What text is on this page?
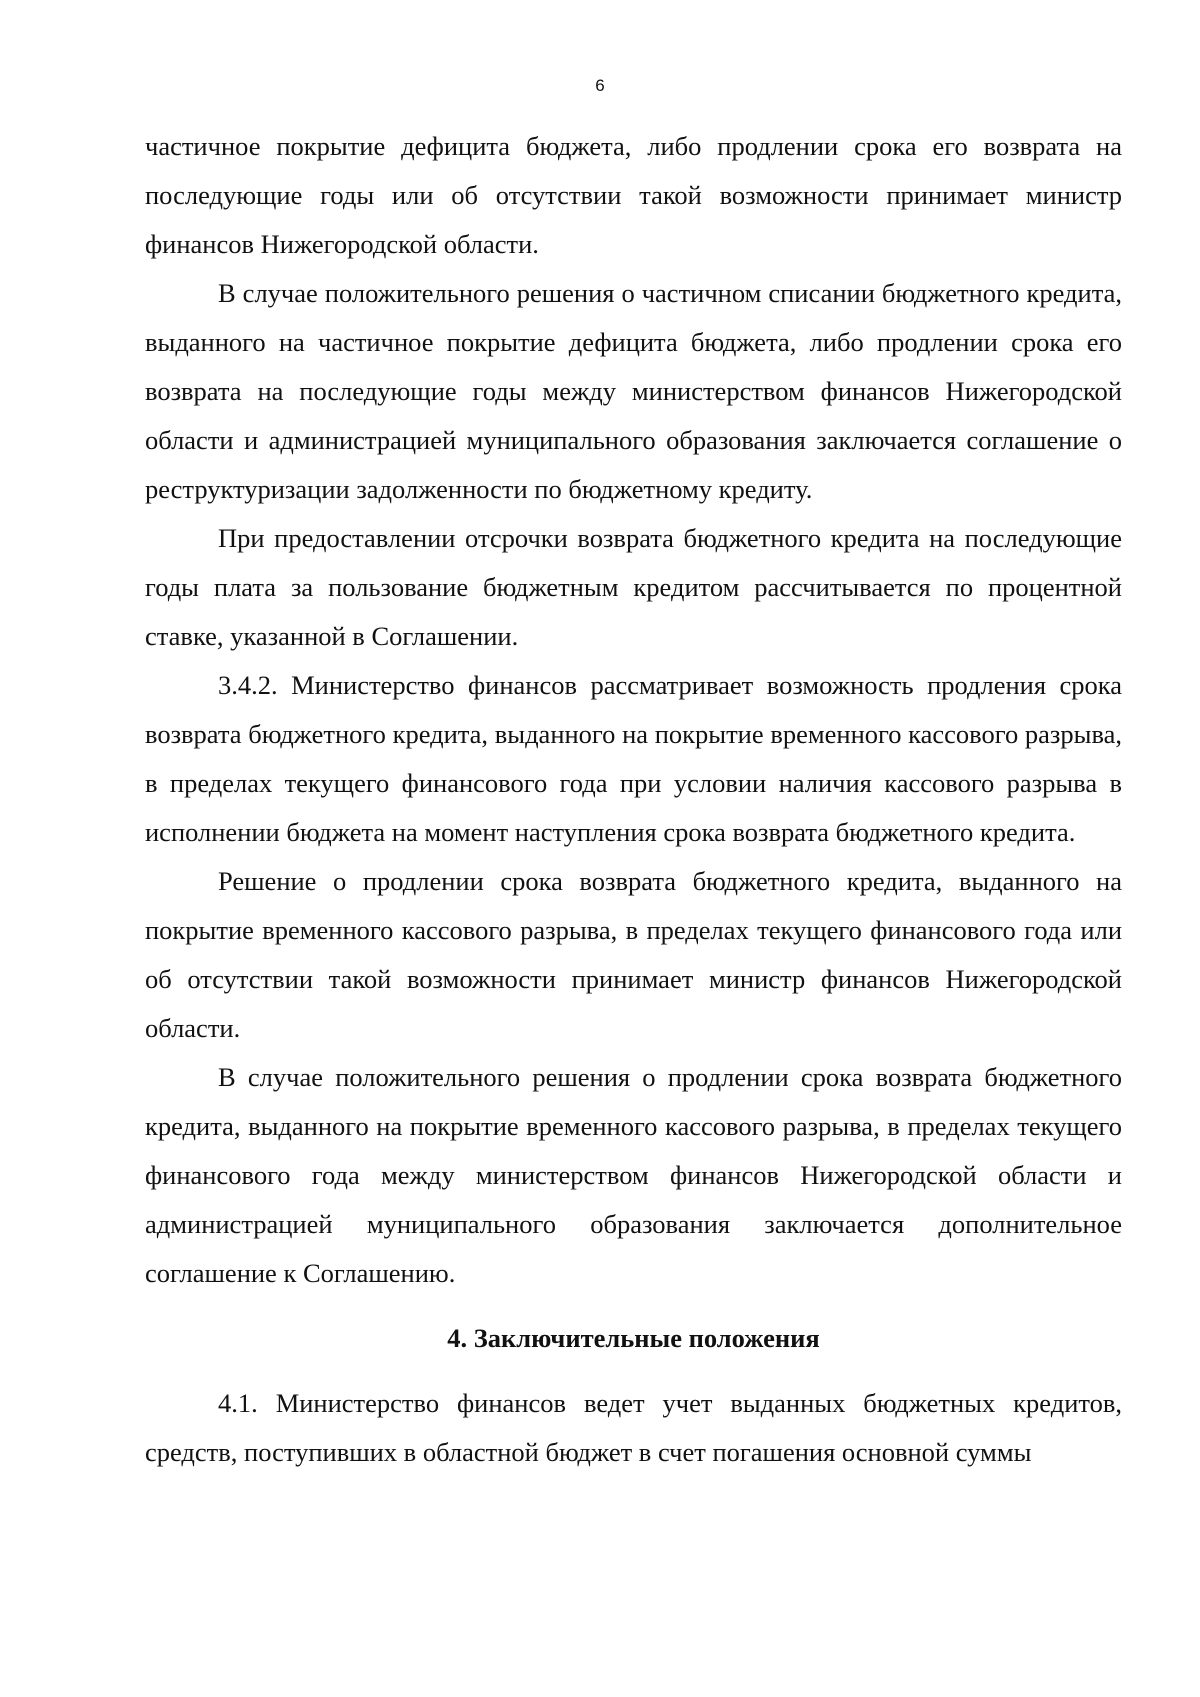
6

частичное покрытие дефицита бюджета, либо продлении срока его возврата на последующие годы или об отсутствии такой возможности принимает министр финансов Нижегородской области.

В случае положительного решения о частичном списании бюджетного кредита, выданного на частичное покрытие дефицита бюджета, либо продлении срока его возврата на последующие годы между министерством финансов Нижегородской области и администрацией муниципального образования заключается соглашение о реструктуризации задолженности по бюджетному кредиту.

При предоставлении отсрочки возврата бюджетного кредита на последующие годы плата за пользование бюджетным кредитом рассчитывается по процентной ставке, указанной в Соглашении.

3.4.2. Министерство финансов рассматривает возможность продления срока возврата бюджетного кредита, выданного на покрытие временного кассового разрыва, в пределах текущего финансового года при условии наличия кассового разрыва в исполнении бюджета на момент наступления срока возврата бюджетного кредита.

Решение о продлении срока возврата бюджетного кредита, выданного на покрытие временного кассового разрыва, в пределах текущего финансового года или об отсутствии такой возможности принимает министр финансов Нижегородской области.

В случае положительного решения о продлении срока возврата бюджетного кредита, выданного на покрытие временного кассового разрыва, в пределах текущего финансового года между министерством финансов Нижегородской области и администрацией муниципального образования заключается дополнительное соглашение к Соглашению.

4. Заключительные положения

4.1. Министерство финансов ведет учет выданных бюджетных кредитов, средств, поступивших в областной бюджет в счет погашения основной суммы
